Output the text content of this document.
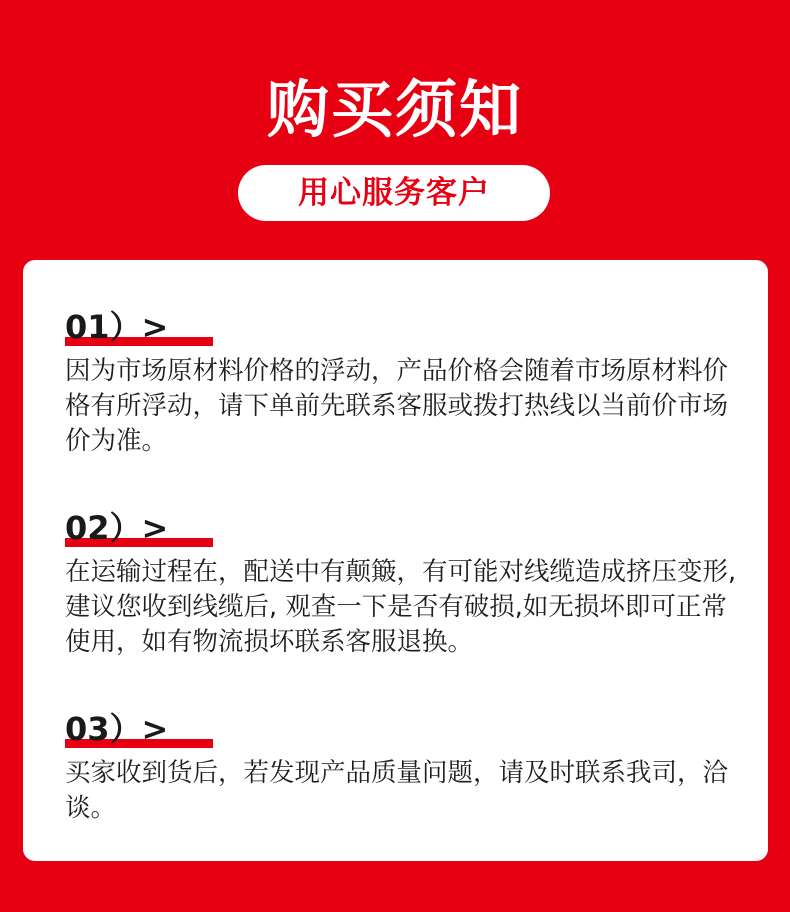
购买须知
用心服务客户
01）>
因为市场原材料价格的浮动，产品价格会随着市场原材料价格有所浮动，请下单前先联系客服或拨打热线以当前价市场价为准。
02）>
在运输过程在，配送中有颠簸，有可能对线缆造成挤压变形,建议您收到线缆后, 观查一下是否有破损,如无损坏即可正常使用，如有物流损坏联系客服退换。
03）>
买家收到货后，若发现产品质量问题，请及时联系我司，洽谈。
